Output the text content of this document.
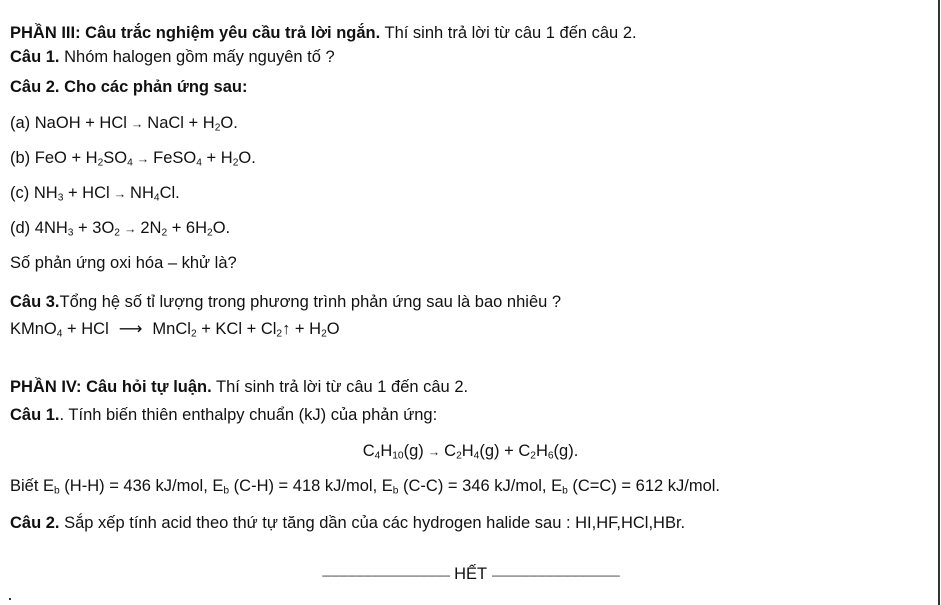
PHẦN III: Câu trắc nghiệm yêu cầu trả lời ngắn. Thí sinh trả lời từ câu 1 đến câu 2.
Câu 1. Nhóm halogen gồm mấy nguyên tố ?
Câu 2. Cho các phản ứng sau:
(a) NaOH + HCl → NaCl + $H_2O$.
(b) FeO + $H_2SO_4$ → FeSO$_4$ + $H_2O$.
(c) $NH_3$ + HCl → $NH_4Cl$.
(d) $4NH_3 + 3O_2 \to 2N_2 + 6H_2O$.
Số phản ứng oxi hóa – khử là?
Câu 3.Tổng hệ số tỉ lượng trong phương trình phản ứng sau là bao nhiêu ?
KMnO$_4$ + HCl ⟶ MnCl$_2$ + KCl + $Cl_2↑ + H_2O$
PHẦN IV: Câu hỏi tự luận. Thí sinh trả lời từ câu 1 đến câu 2.
Câu 1.. Tính biến thiên enthalpy chuẩn (kJ) của phản ứng:
$C_4H_{10}(g) \to C_2H_4(g) + C_2H_6(g)$.
Biết $E_b$ (H-H) = 436 kJ/mol, $E_b$ (C-H) = 418 kJ/mol, $E_b$ (C-C) = 346 kJ/mol, $E_b$ (C=C) = 612 kJ/mol.
Câu 2. Sắp xếp tính acid theo thứ tự tăng dần của các hydrogen halide sau : HI,HF,HCl,HBr.
------------------------------------------------ HẾT ------------------------------------------------
